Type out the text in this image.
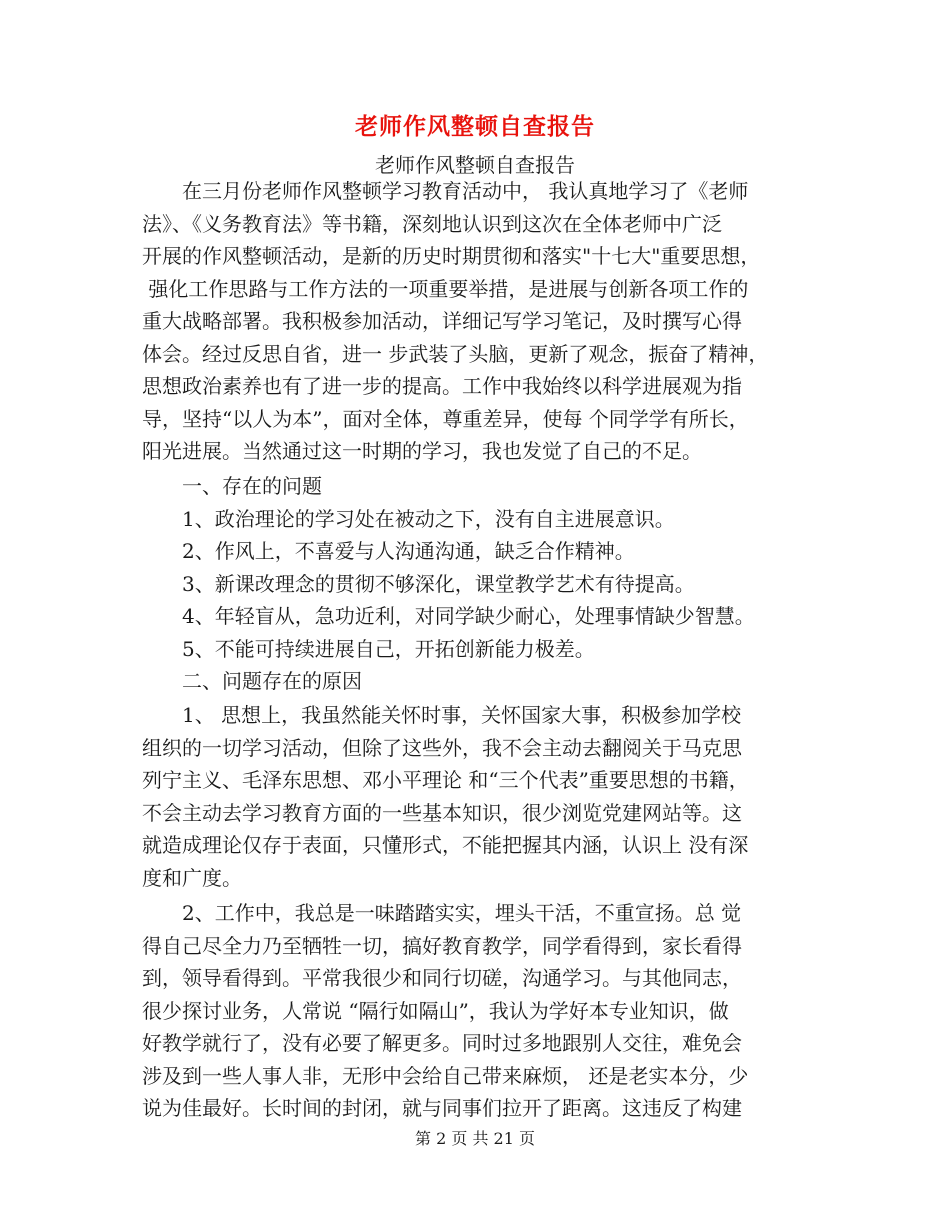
老师作风整顿自查报告
老师作风整顿自查报告
在三月份老师作风整顿学习教育活动中， 我认真地学习了《老师
法》、《义务教育法》等书籍，深刻地认识到这次在全体老师中广泛
开展的作风整顿活动，是新的历史时期贯彻和落实"十七大"重要思想，
强化工作思路与工作方法的一项重要举措，是进展与创新各项工作的
重大战略部署。我积极参加活动，详细记写学习笔记，及时撰写心得
体会。经过反思自省，进一 步武装了头脑，更新了观念，振奋了精神，
思想政治素养也有了进一步的提高。工作中我始终以科学进展观为指
导，坚持“以人为本”，面对全体，尊重差异，使每 个同学学有所长，
阳光进展。当然通过这一时期的学习，我也发觉了自己的不足。
一、存在的问题
1、政治理论的学习处在被动之下，没有自主进展意识。
2、作风上，不喜爱与人沟通沟通，缺乏合作精神。
3、新课改理念的贯彻不够深化，课堂教学艺术有待提高。
4、年轻盲从，急功近利，对同学缺少耐心，处理事情缺少智慧。
5、不能可持续进展自己，开拓创新能力极差。
二、问题存在的原因
1、 思想上，我虽然能关怀时事，关怀国家大事，积极参加学校
组织的一切学习活动，但除了这些外，我不会主动去翻阅关于马克思
列宁主义、毛泽东思想、邓小平理论 和“三个代表”重要思想的书籍，
不会主动去学习教育方面的一些基本知识，很少浏览党建网站等。这
就造成理论仅存于表面，只懂形式，不能把握其内涵，认识上 没有深
度和广度。
2、工作中，我总是一味踏踏实实，埋头干活，不重宣扬。总 觉
得自己尽全力乃至牺牲一切，搞好教育教学，同学看得到，家长看得
到，领导看得到。平常我很少和同行切磋，沟通学习。与其他同志，
很少探讨业务，人常说 “隔行如隔山”，我认为学好本专业知识，做
好教学就行了，没有必要了解更多。同时过多地跟别人交往，难免会
涉及到一些人事人非，无形中会给自己带来麻烦， 还是老实本分，少
说为佳最好。长时间的封闭，就与同事们拉开了距离。这违反了构建
第 2 页 共 21 页
